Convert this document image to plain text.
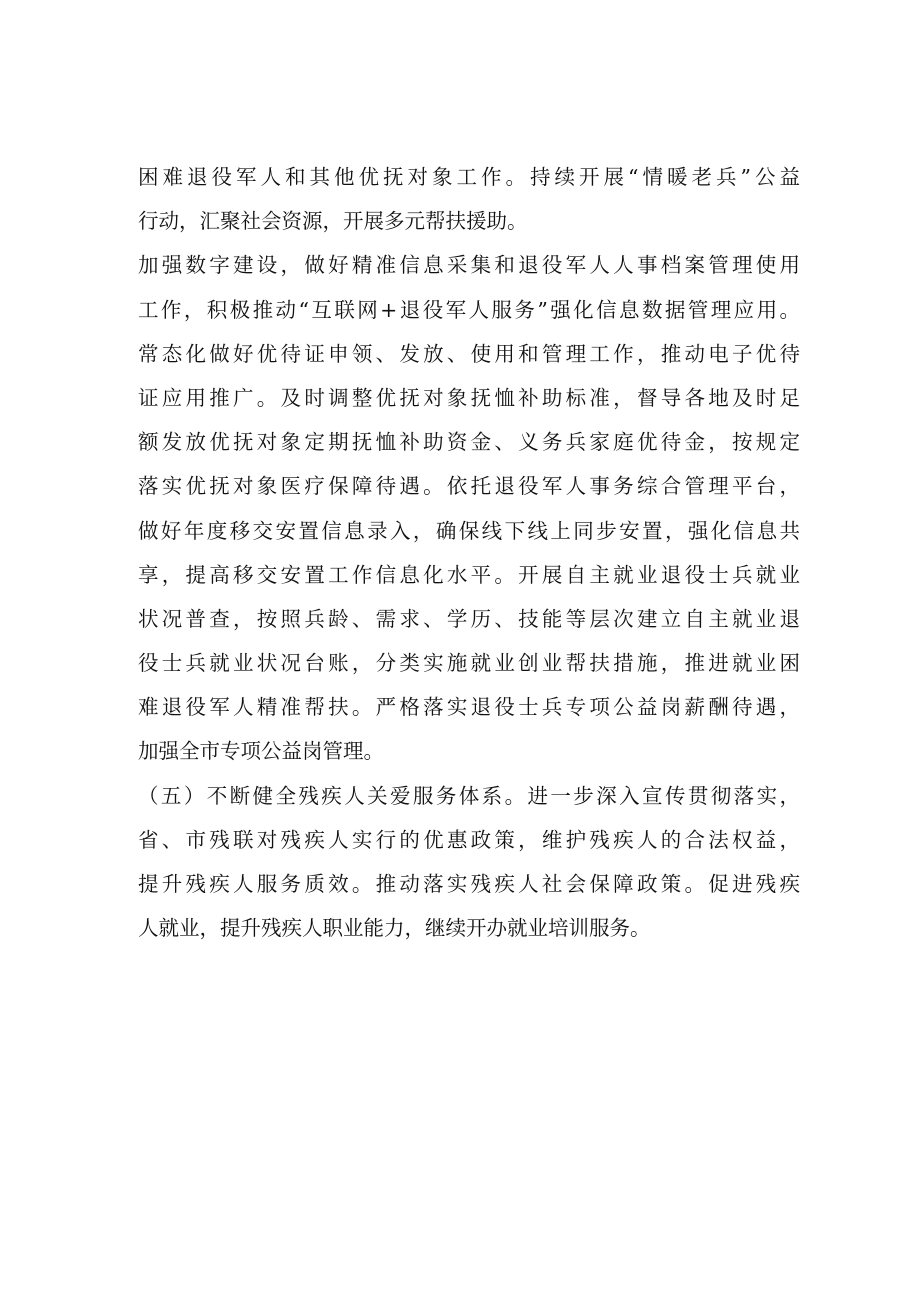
困难退役军人和其他优抚对象工作。持续开展“情暖老兵”公益
行动，汇聚社会资源，开展多元帮扶援助。
加强数字建设，做好精准信息采集和退役军人人事档案管理使用
工作，积极推动“互联网+退役军人服务”强化信息数据管理应用。
常态化做好优待证申领、发放、使用和管理工作，推动电子优待
证应用推广。及时调整优抚对象抚恤补助标准，督导各地及时足
额发放优抚对象定期抚恤补助资金、义务兵家庭优待金，按规定
落实优抚对象医疗保障待遇。依托退役军人事务综合管理平台，
做好年度移交安置信息录入，确保线下线上同步安置，强化信息共
享，提高移交安置工作信息化水平。开展自主就业退役士兵就业
状况普查，按照兵龄、需求、学历、技能等层次建立自主就业退
役士兵就业状况台账，分类实施就业创业帮扶措施，推进就业困
难退役军人精准帮扶。严格落实退役士兵专项公益岗薪酬待遇，
加强全市专项公益岗管理。
（五）不断健全残疾人关爱服务体系。进一步深入宣传贯彻落实，
省、市残联对残疾人实行的优惠政策，维护残疾人的合法权益，
提升残疾人服务质效。推动落实残疾人社会保障政策。促进残疾
人就业，提升残疾人职业能力，继续开办就业培训服务。
